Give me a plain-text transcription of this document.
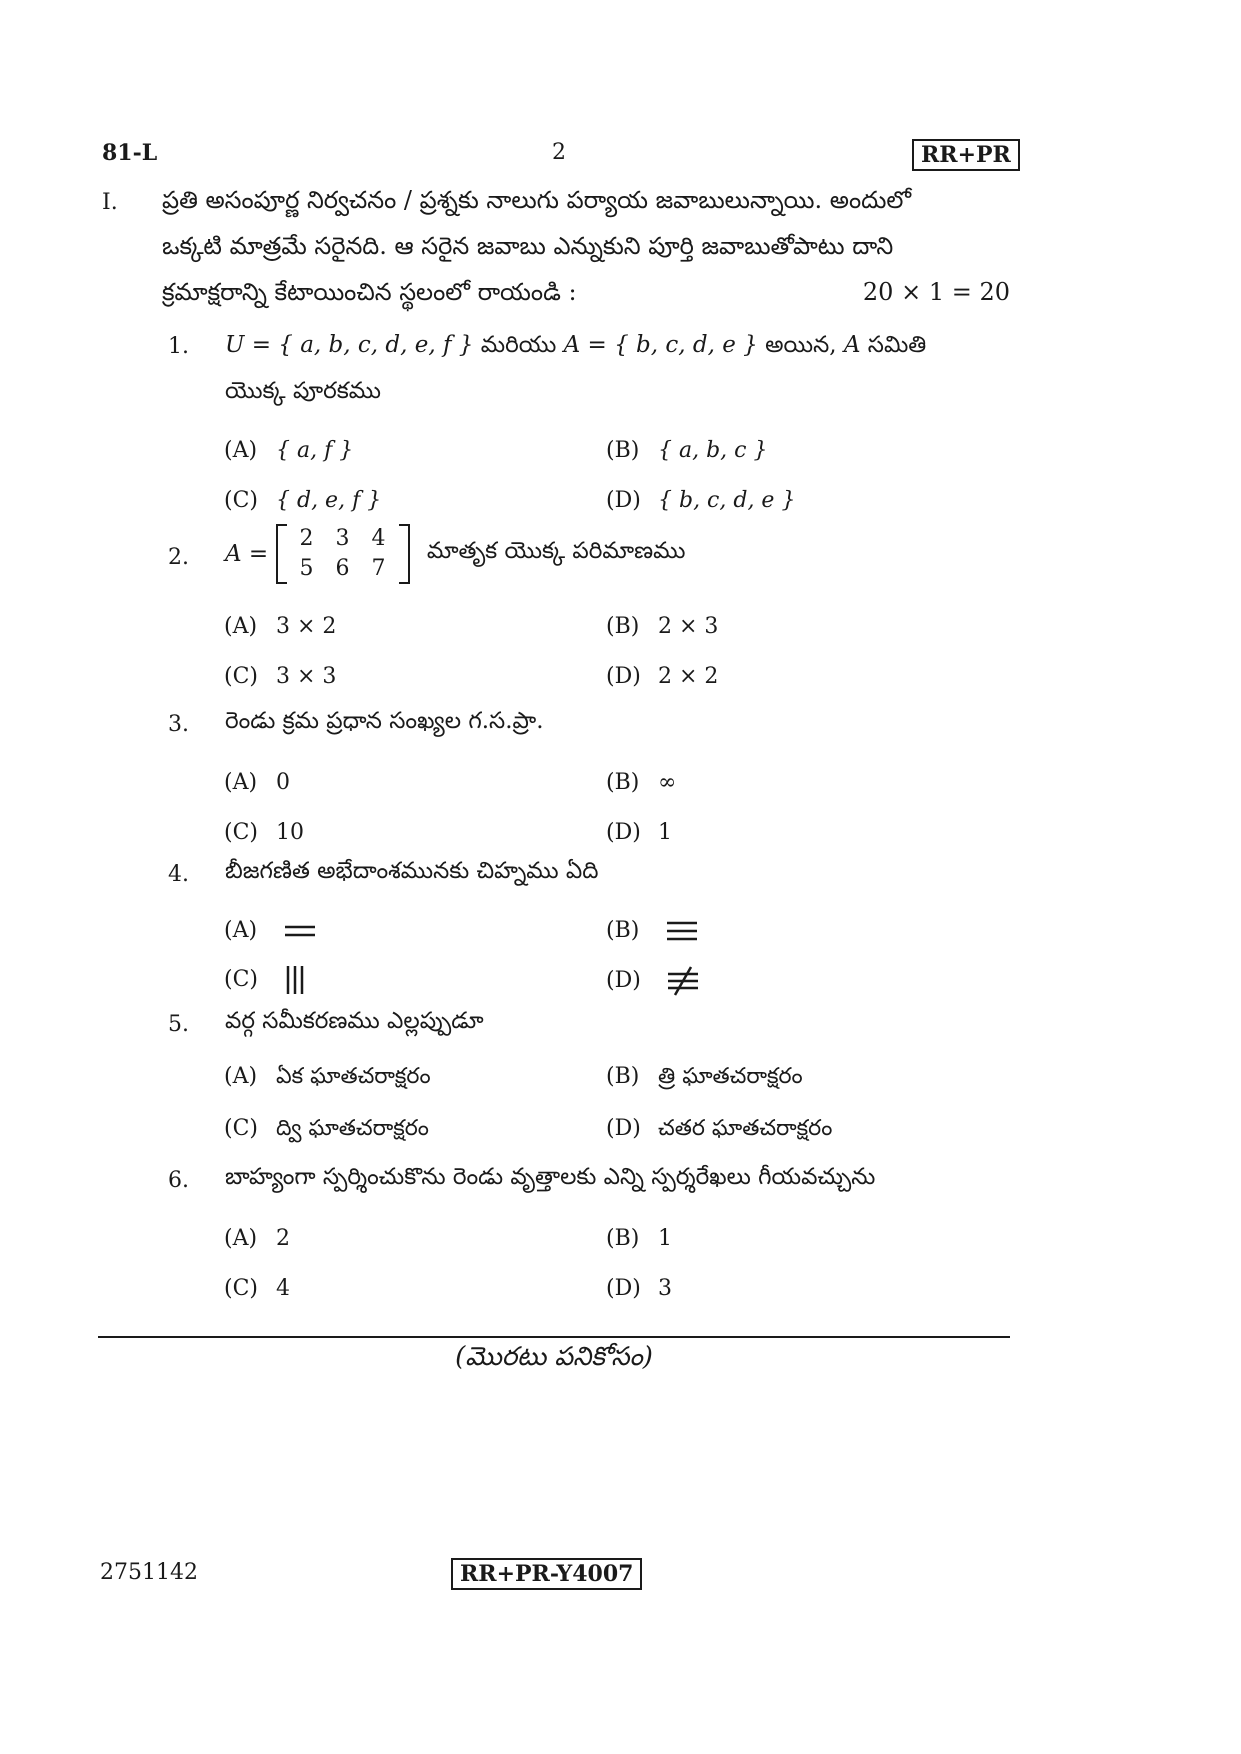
81-L	2	RR+PR
I. ప్రతి అసంపూర్ణ నిర్వచనం / ప్రశ్నకు నాలుగు పర్యాయ జవాబులున్నాయి. అందులో
ఒక్కటి మాత్రమే సరైనది. ఆ సరైన జవాబు ఎన్నుకుని పూర్తి జవాబుతోపాటు దాని
క్రమాక్షరాన్ని కేటాయించిన స్థలంలో రాయండి :	20 × 1 = 20
1. U = { a, b, c, d, e, f } మరియు A = { b, c, d, e } అయిన, A సమితి
యొక్క పూరకము
(A) { a, f }	(B) { a, b, c }
(C) { d, e, f }	(D) { b, c, d, e }
2. A =
2	3	4
5	6	7
మాతృక యొక్క పరిమాణము
(A) 3 × 2	(B) 2 × 3
(C) 3 × 3	(D) 2 × 2
3. రెండు క్రమ ప్రధాన సంఖ్యల గ.స.ప్రా.
(A) 0	(B) ∞
(C) 10	(D) 1
4. బీజగణిత అభేదాంశమునకు చిహ్నము ఏది
(A)	(B)
(C)	(D)
5. వర్గ సమీకరణము ఎల్లప్పుడూ
(A) ఏక ఘాతచరాక్షరం	(B) త్రి ఘాతచరాక్షరం
(C) ద్వి ఘాతచరాక్షరం	(D) చతర ఘాతచరాక్షరం
6. బాహ్యంగా స్పర్శించుకొను రెండు వృత్తాలకు ఎన్ని స్పర్శరేఖలు గీయవచ్చును
(A) 2	(B) 1
(C) 4	(D) 3
(మొరటు పనికోసం)
2751142	RR+PR-Y4007
